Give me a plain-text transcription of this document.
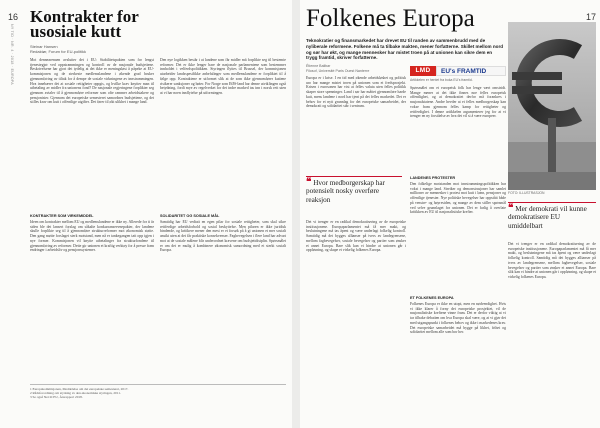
16
NY TID · NR. 4 · 2018 · EUROPA
Kontrakter for usosiale kutt
Steinar Hansen
Redaktør, Forum for EU-politikk

Mot dennearenaen avslutter det i EU: Stabilitetspakten som for lengst tjenestegjør ved oppstrammingen og kontroll av de nasjonale budsjettene. Beskrivelsene har gjort det tydelig at det ikke er meningsløst å påpeke at EU-kommisjonen og de sterkeste medlemslandene i økende grad bruker gjennomføring av tiltak for å dempe de sosiale virkningene av innstrammingen. Hva innebærer det at sosiale rettigheter oppgis, og hvilke krav knytter man til utbetaling av midler fra unionens fond? De nasjonale regjeringene forplikter seg gjennom avtaler til å gjennomføre reformer som ofte rammer arbeidstakere og pensjonister. Gjennom det europeiske semesteret samordnes budsjettene, og det stilles krav om kutt i offentlige utgifter. Det fører til økt ulikhet i mange land.

Den nye logikken består i at landene som får midler må forplikte seg til bestemte reformer. Det er ikke lenger bare de nasjonale parlamentene som bestemmer innholdet i velferdspolitikken. Styringen flyttes til Brussel, der kommisjonen utarbeider landsspesifikke anbefalinger som medlemslandene er forpliktet til å følge opp. Kontraktene er utformet slik at de som ikke gjennomfører kuttene risikerer sanksjoner og bøter. For Norge som EØS-land har denne utviklingen også betydning, fordi mye av regelverket for det indre marked tas inn i norsk rett uten at vi har noen innflytelse på utformingen.

KONTRAKTER SOM VIRKEMIDDEL

Ideen om kontrakter mellom EU og medlemslandene er ikke ny. Allerede for ti år siden ble det lansert forslag om såkalte konkurranseevnepakter, der landene skulle forplikte seg til å gjennomføre strukturreformer mot økonomisk støtte. Den gang møtte forslaget sterk motstand, men nå er tankegangen tatt opp igjen i nye former. Kommisjonen vil knytte utbetalinger fra strukturfondene til gjennomføring av reformer. Dette gir unionen et kraftig verktøy for å presse fram endringer i arbeidsliv og pensjonssystemer.

SOLIDARITET OG SOSIALE MÅL

Samtidig har EU vedtatt en egen pilar for sosiale rettigheter, som skal sikre rettferdige arbeidsforhold og sosial beskyttelse. Men pilaren er ikke juridisk bindende, og kritikere mener den mest er et forsøk på å gi unionen et mer sosialt ansikt uten at det får praktiske konsekvenser. Fagbevegelsen i flere land har advart mot at de sosiale målene blir underordnet kravene om budsjettdisiplin. Spørsmålet er om det er mulig å kombinere økonomisk samordning med et sterkt sosialt Europa.

1 Europakommisjonen, Meddelelse om det europeiske semesteret, 2017.
2 Rådsforordning om styrking av den økonomiske styringen, 2011.
3 Se også Nei til EU, Årsrapport 2018.

17
Folkenes Europa
Teknokratier og finansmarkedet har drevet EU til randen av sammenbrudd med de nyliberale reformene. Folkene må ta tilbake makten, mener forfatterne. Skillet mellom nord og sør har økt, og mange mennesker har mistet troen på at unionen kan sikre dem en trygg framtid, skriver forfatterne.
Étienne Balibar
Filosof, Université Paris Ouest Nanterre	LMD	EU's FRAMTID
Artikkelen er hentet fra boka EU's framtid.

Europa er i krise. I en tid med økende arbeidsløshet og politisk uro har mange mistet troen på unionen som et fredsprosjekt. Krisen i eurosonen har vist at felles valuta uten felles politikk skaper store spenninger. Land i sør har måttet gjennomføre harde kutt, mens landene i nord har tjent på det felles markedet. Det er behov for et nytt grunnlag for det europeiske samarbeidet, der demokrati og solidaritet står i sentrum.

Spørsmålet om et europeisk folk har lenge vært omstridt. Mange mener at det ikke finnes noe felles europeisk offentlighet, og at demokratiet derfor må forankres i nasjonalstatene. Andre hevder at et felles medborgerskap kan vokse fram gjennom felles kamp for rettigheter og rettferdighet. I denne artikkelen argumenterer jeg for at vi trenger en ny forståelse av hva det vil si å være europeer.

❝ Hvor medborgerskap har potensielt nosky overføre reaksjon
LANDENES PROTESTER

Den folkelige motstanden mot innstrammingspolitikken har vokst i mange land. Streiker og demonstrasjoner har samlet millioner av mennesker i protest mot kutt i lønn, pensjoner og offentlige tjenester. Nye politiske bevegelser har oppstått både på venstre- og høyresiden, og mange av dem stiller spørsmål ved selve grunnlaget for unionen. Det er farlig å overlate kritikken av EU til nasjonalistiske krefter.

Det vi trenger er en radikal demokratisering av de europeiske institusjonene. Europaparlamentet må få mer makt, og beslutningene må tas åpent og være underlagt folkelig kontroll. Samtidig må det bygges allianser på tvers av landegrensene, mellom fagbevegelser, sosiale bevegelser og partier som ønsker et annet Europa. Bare slik kan vi hindre at unionen går i oppløsning, og skape et virkelig folkenes Europa.

ET FOLKENES EUROPA

Folkenes Europa er ikke en utopi, men en nødvendighet. Hvis vi ikke klarer å forny det europeiske prosjektet, vil de nasjonalistiske kreftene vinne fram. Det er derfor viktig at vi tar tilbake debatten om hva Europa skal være, og at vi gjør det med utgangspunkt i folkenes behov og ikke i markedenes krav. Det europeiske samarbeidet må bygge på likhet, frihet og solidaritet mellom alle som bor her.

FOTO: ILLUSTRASJON
❝ Mer demokrati vil kunne demokratisere EU umiddelbart

Det vi trenger er en radikal demokratisering av de europeiske institusjonene. Europaparlamentet må få mer makt, og beslutningene må tas åpent og være underlagt folkelig kontroll. Samtidig må det bygges allianser på tvers av landegrensene, mellom fagbevegelser, sosiale bevegelser og partier som ønsker et annet Europa. Bare slik kan vi hindre at unionen går i oppløsning, og skape et virkelig folkenes Europa.
